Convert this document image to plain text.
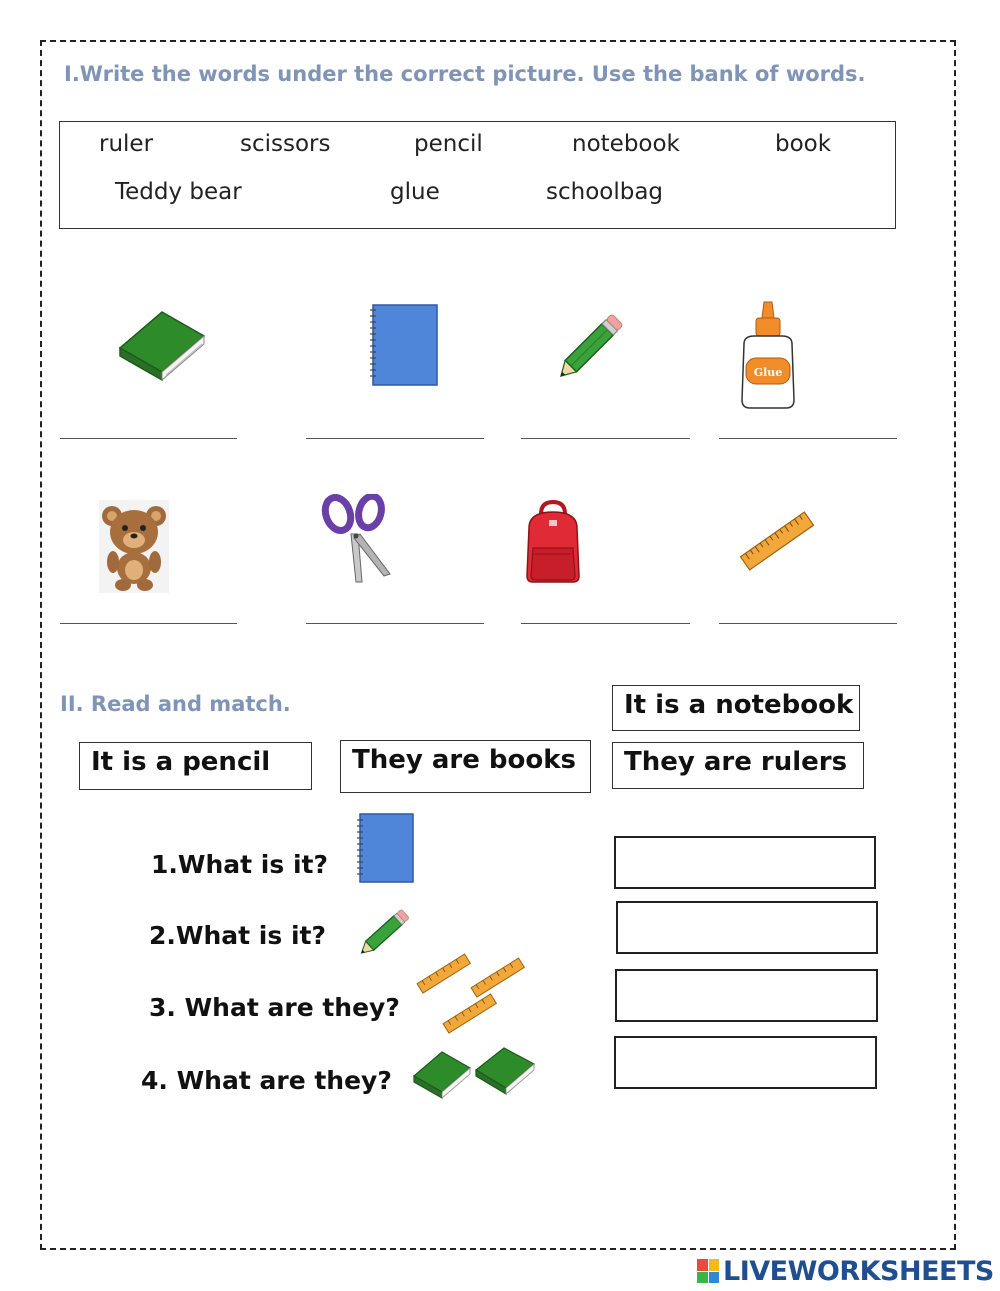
I.Write the words under the correct picture. Use the bank of words.
ruler	scissors	pencil	notebook	book
Teddy bear	glue	schoolbag
Glue
II. Read and match.	It is a notebook
It is a pencil	They are books	They are rulers
1.What is it?
2.What is it?
3. What are they?
4. What are they?
LIVEWORKSHEETS
